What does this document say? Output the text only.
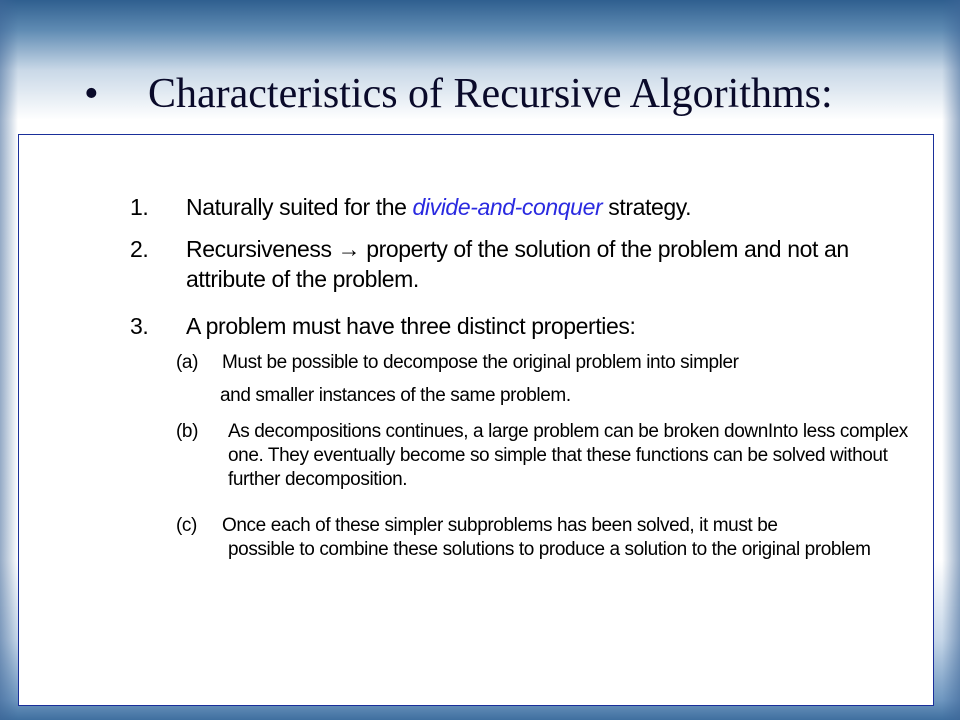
• Characteristics of Recursive Algorithms:
1. Naturally suited for the divide-and-conquer strategy.
2. Recursiveness → property of the solution of the problem and not an attribute of the problem.
3. A problem must have three distinct properties:
(a) Must be possible to decompose the original problem into simpler
and smaller instances of the same problem.
(b) As decompositions continues, a large problem can be broken downInto less complex one. They eventually become so simple that these functions can be solved without further decomposition.
(c) Once each of these simpler subproblems has been solved, it must be
possible to combine these solutions to produce a solution to the original problem
